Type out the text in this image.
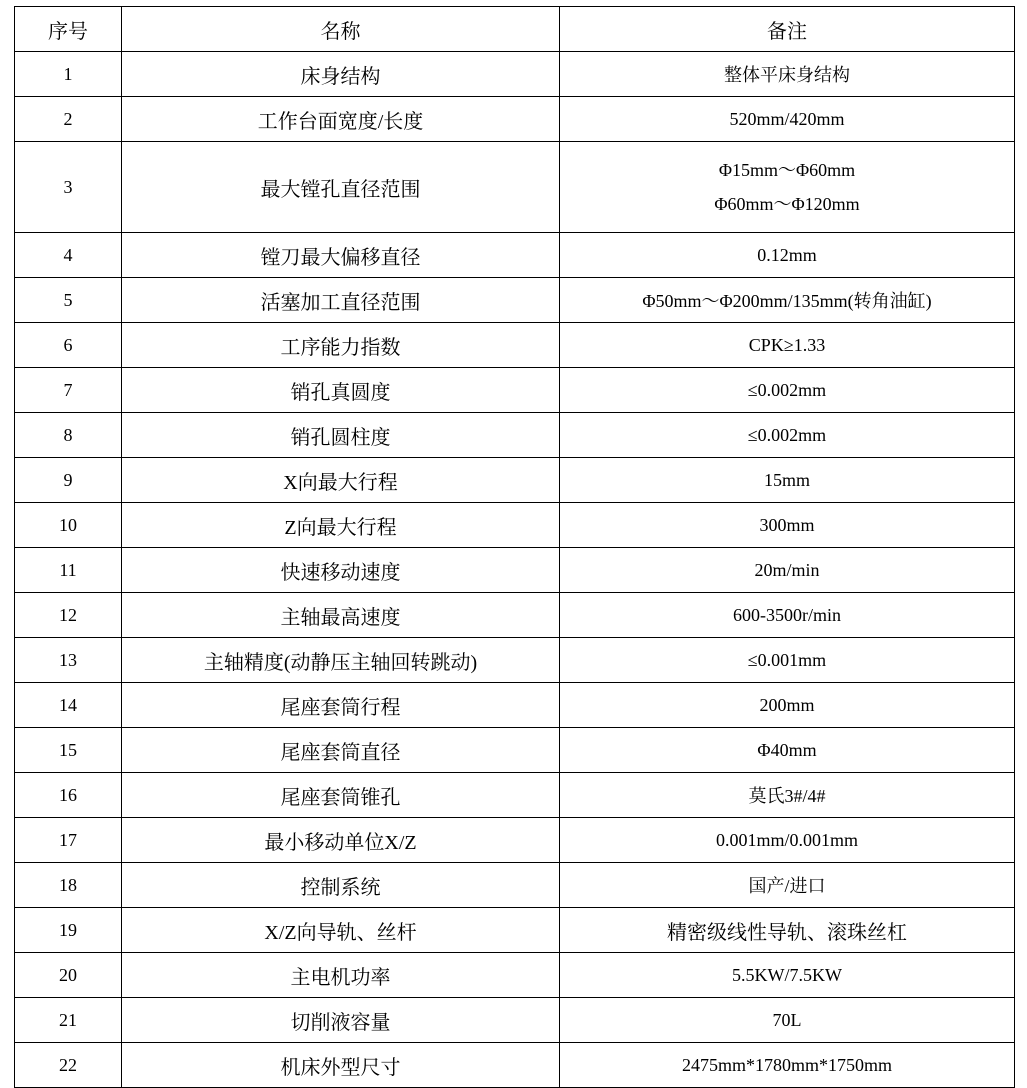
序号	名称	备注
1	床身结构	整体平床身结构
2	工作台面宽度/长度	520mm/420mm
3	最大镗孔直径范围	Φ15mm～Φ60mm
Φ60mm～Φ120mm

4	镗刀最大偏移直径	0.12mm
5	活塞加工直径范围	Φ50mm～Φ200mm/135mm(转角油缸)
6	工序能力指数	CPK≥1.33
7	销孔真圆度	≤0.002mm
8	销孔圆柱度	≤0.002mm
9	X向最大行程	15mm
10	Z向最大行程	300mm
11	快速移动速度	20m/min
12	主轴最高速度	600-3500r/min
13	主轴精度(动静压主轴回转跳动)	≤0.001mm
14	尾座套筒行程	200mm
15	尾座套筒直径	Φ40mm
16	尾座套筒锥孔	莫氏3#/4#
17	最小移动单位X/Z	0.001mm/0.001mm
18	控制系统	国产/进口
19	X/Z向导轨、丝杆	精密级线性导轨、滚珠丝杠
20	主电机功率	5.5KW/7.5KW
21	切削液容量	70L
22	机床外型尺寸	2475mm*1780mm*1750mm
